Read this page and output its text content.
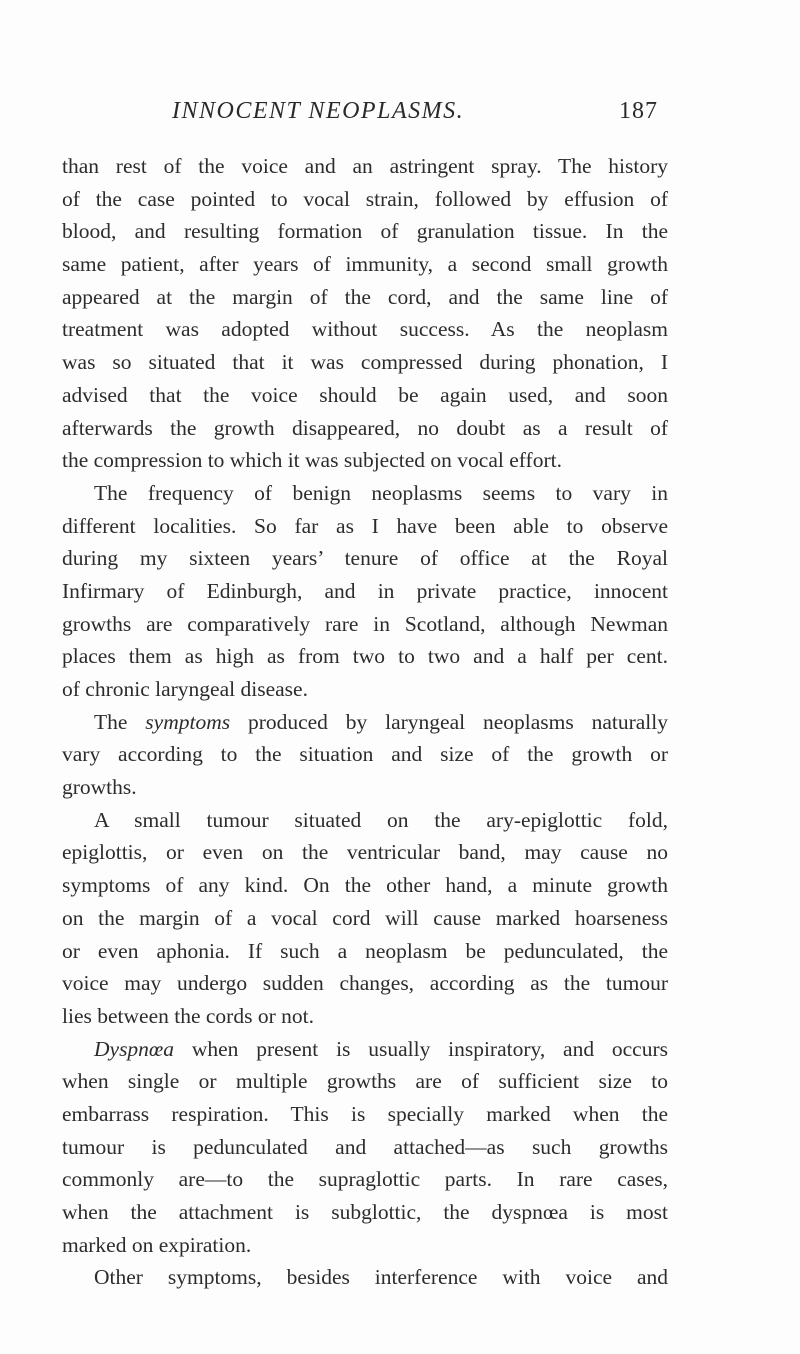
INNOCENT NEOPLASMS.	187
than rest of the voice and an astringent spray. The history
of the case pointed to vocal strain, followed by effusion of
blood, and resulting formation of granulation tissue. In the
same patient, after years of immunity, a second small growth
appeared at the margin of the cord, and the same line of
treatment was adopted without success. As the neoplasm
was so situated that it was compressed during phonation, I
advised that the voice should be again used, and soon
afterwards the growth disappeared, no doubt as a result of
the compression to which it was subjected on vocal effort.
The frequency of benign neoplasms seems to vary in
different localities. So far as I have been able to observe
during my sixteen years’ tenure of office at the Royal
Infirmary of Edinburgh, and in private practice, innocent
growths are comparatively rare in Scotland, although Newman
places them as high as from two to two and a half per cent.
of chronic laryngeal disease.
The symptoms produced by laryngeal neoplasms naturally
vary according to the situation and size of the growth or
growths.
A small tumour situated on the ary-epiglottic fold,
epiglottis, or even on the ventricular band, may cause no
symptoms of any kind. On the other hand, a minute growth
on the margin of a vocal cord will cause marked hoarseness
or even aphonia. If such a neoplasm be pedunculated, the
voice may undergo sudden changes, according as the tumour
lies between the cords or not.
Dyspnœa when present is usually inspiratory, and occurs
when single or multiple growths are of sufficient size to
embarrass respiration. This is specially marked when the
tumour is pedunculated and attached—as such growths
commonly are—to the supraglottic parts. In rare cases,
when the attachment is subglottic, the dyspnœa is most
marked on expiration.
Other symptoms, besides interference with voice and
